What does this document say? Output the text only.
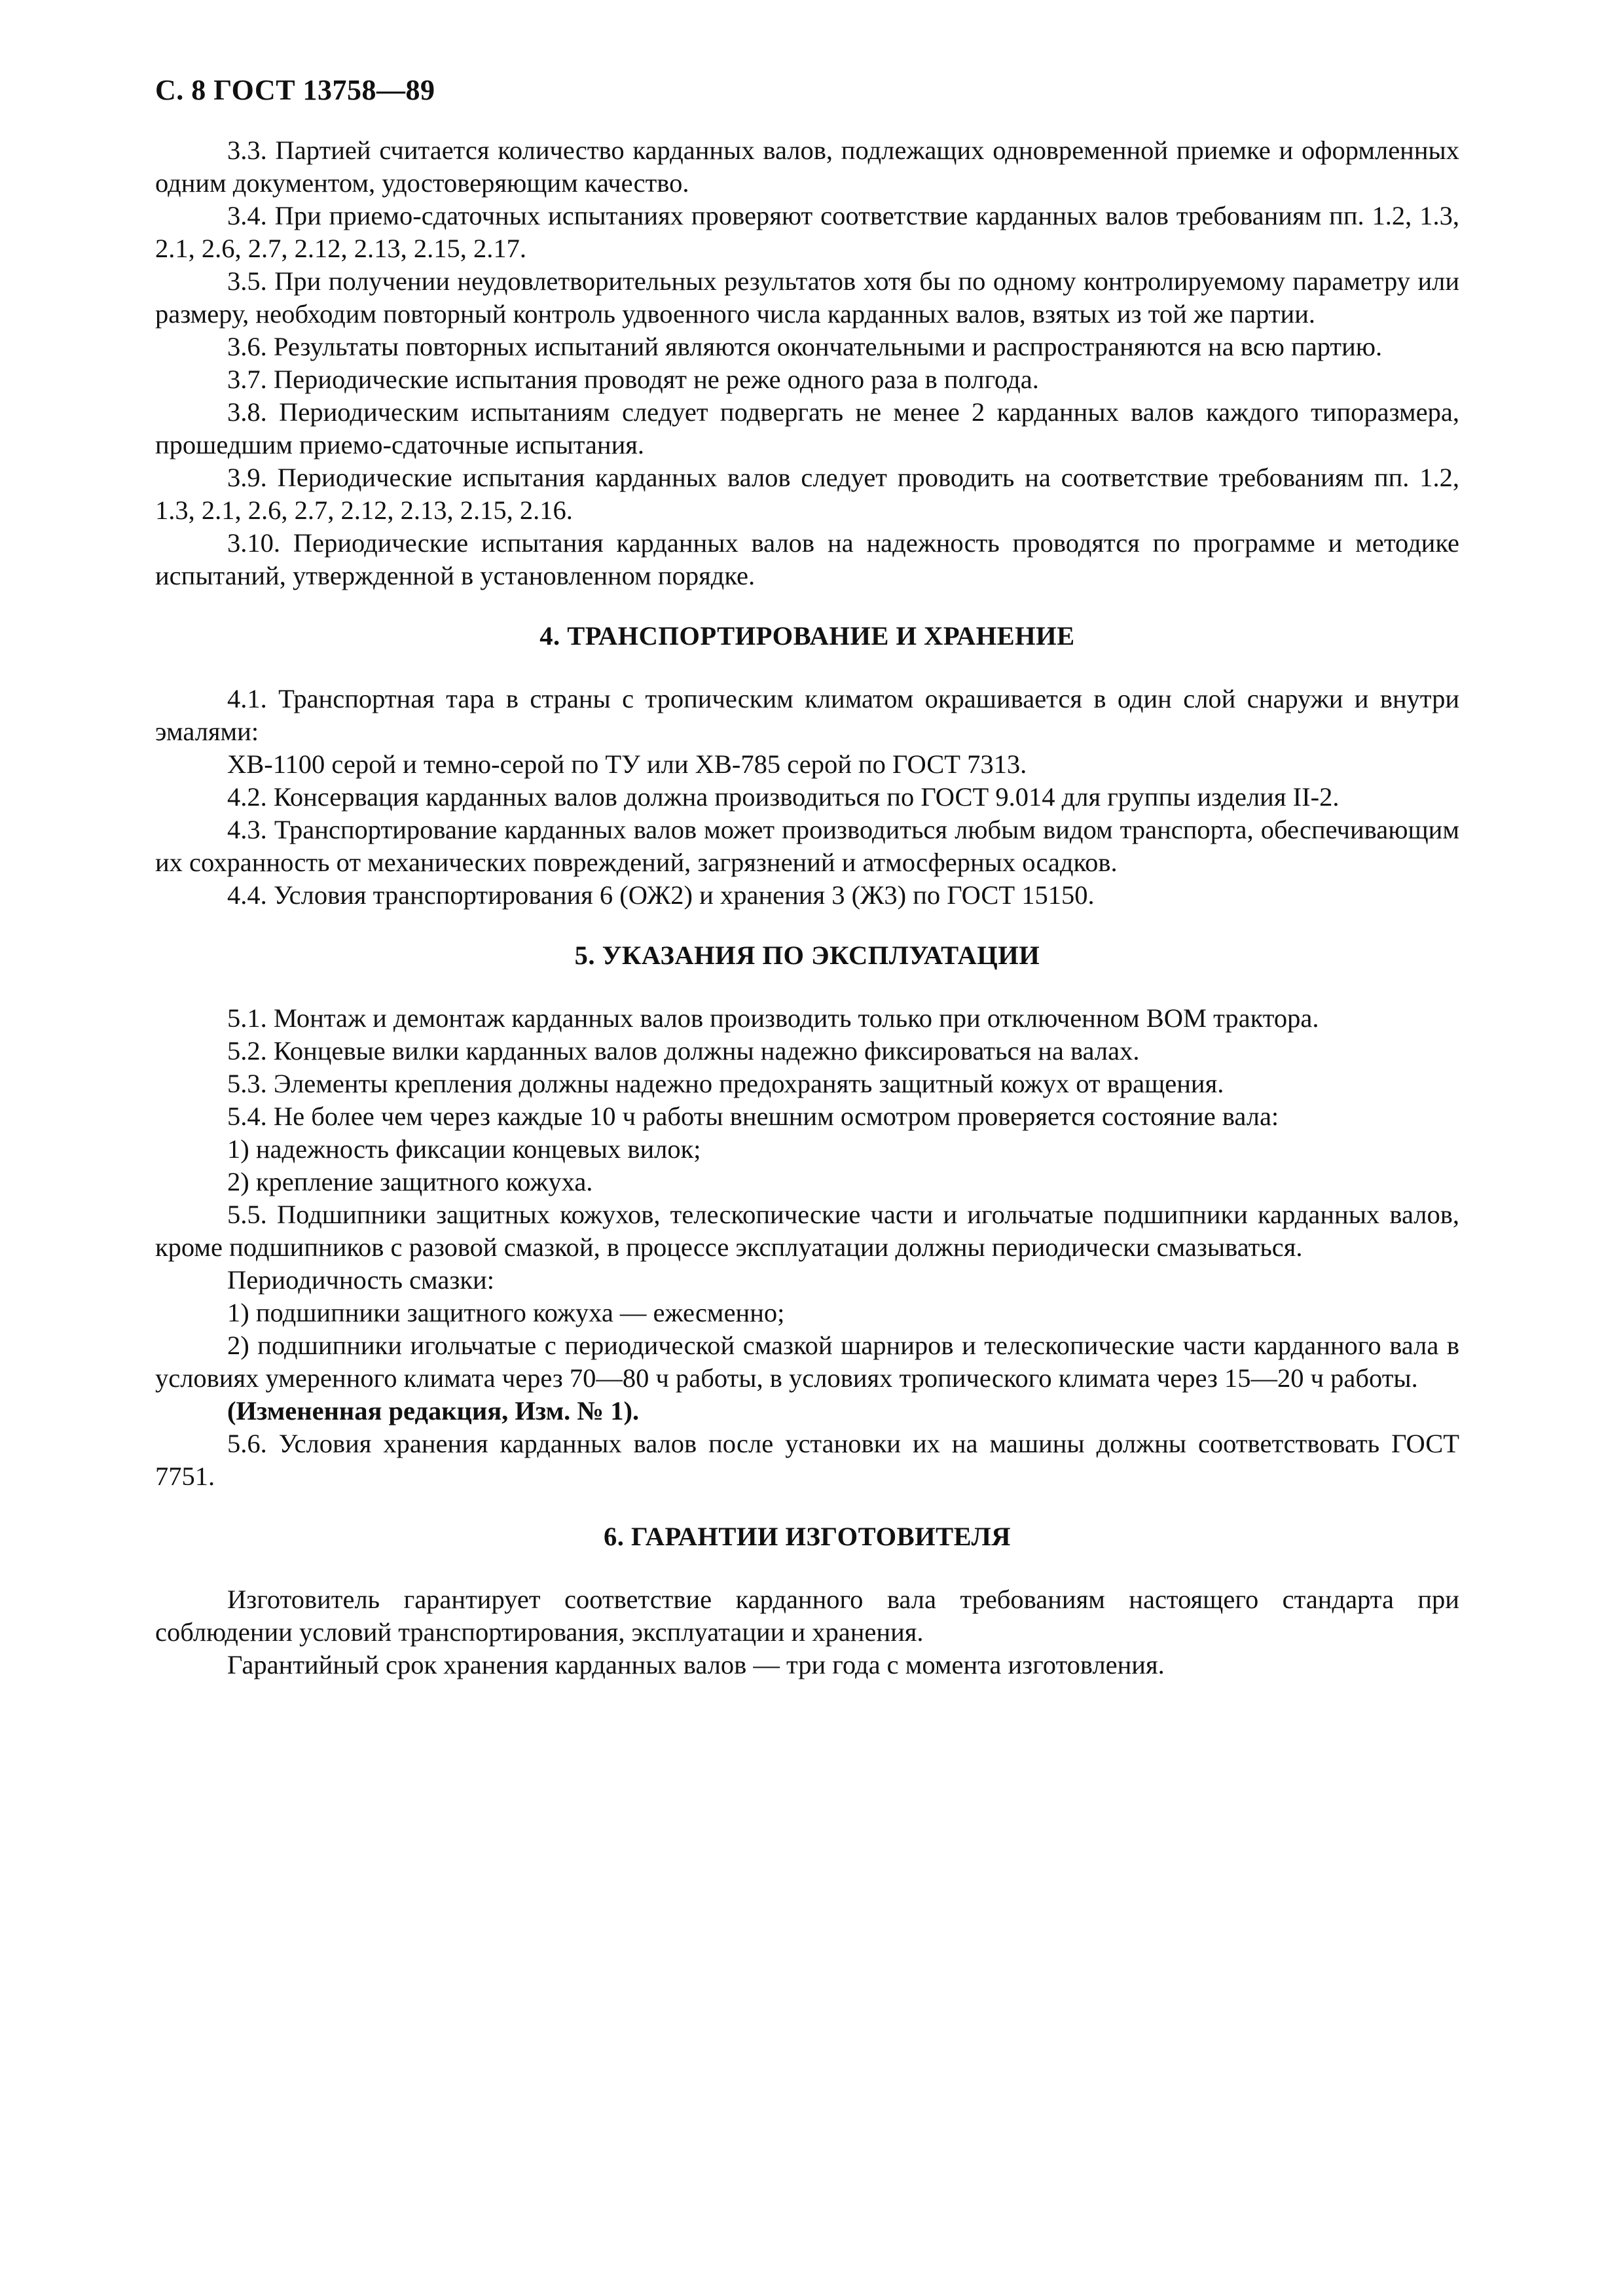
С. 8 ГОСТ 13758—89

3.3. Партией считается количество карданных валов, подлежащих одновременной приемке и оформленных одним документом, удостоверяющим качество.

3.4. При приемо-сдаточных испытаниях проверяют соответствие карданных валов требованиям пп. 1.2, 1.3, 2.1, 2.6, 2.7, 2.12, 2.13, 2.15, 2.17.

3.5. При получении неудовлетворительных результатов хотя бы по одному контролируемому параметру или размеру, необходим повторный контроль удвоенного числа карданных валов, взятых из той же партии.

3.6. Результаты повторных испытаний являются окончательными и распространяются на всю партию.

3.7. Периодические испытания проводят не реже одного раза в полгода.

3.8. Периодическим испытаниям следует подвергать не менее 2 карданных валов каждого типоразмера, прошедшим приемо-сдаточные испытания.

3.9. Периодические испытания карданных валов следует проводить на соответствие требованиям пп. 1.2, 1.3, 2.1, 2.6, 2.7, 2.12, 2.13, 2.15, 2.16.

3.10. Периодические испытания карданных валов на надежность проводятся по программе и методике испытаний, утвержденной в установленном порядке.

4. ТРАНСПОРТИРОВАНИЕ И ХРАНЕНИЕ

4.1. Транспортная тара в страны с тропическим климатом окрашивается в один слой снаружи и внутри эмалями:

ХВ-1100 серой и темно-серой по ТУ или ХВ-785 серой по ГОСТ 7313.

4.2. Консервация карданных валов должна производиться по ГОСТ 9.014 для группы изделия II-2.

4.3. Транспортирование карданных валов может производиться любым видом транспорта, обеспечивающим их сохранность от механических повреждений, загрязнений и атмосферных осадков.

4.4. Условия транспортирования 6 (ОЖ2) и хранения 3 (Ж3) по ГОСТ 15150.

5. УКАЗАНИЯ ПО ЭКСПЛУАТАЦИИ

5.1. Монтаж и демонтаж карданных валов производить только при отключенном ВОМ трактора.

5.2. Концевые вилки карданных валов должны надежно фиксироваться на валах.

5.3. Элементы крепления должны надежно предохранять защитный кожух от вращения.

5.4. Не более чем через каждые 10 ч работы внешним осмотром проверяется состояние вала:

1) надежность фиксации концевых вилок;

2) крепление защитного кожуха.

5.5. Подшипники защитных кожухов, телескопические части и игольчатые подшипники карданных валов, кроме подшипников с разовой смазкой, в процессе эксплуатации должны периодически смазываться.

Периодичность смазки:

1) подшипники защитного кожуха — ежесменно;

2) подшипники игольчатые с периодической смазкой шарниров и телескопические части карданного вала в условиях умеренного климата через 70—80 ч работы, в условиях тропического климата через 15—20 ч работы.

(Измененная редакция, Изм. № 1).

5.6. Условия хранения карданных валов после установки их на машины должны соответствовать ГОСТ 7751.

6. ГАРАНТИИ ИЗГОТОВИТЕЛЯ

Изготовитель гарантирует соответствие карданного вала требованиям настоящего стандарта при соблюдении условий транспортирования, эксплуатации и хранения.

Гарантийный срок хранения карданных валов — три года с момента изготовления.
